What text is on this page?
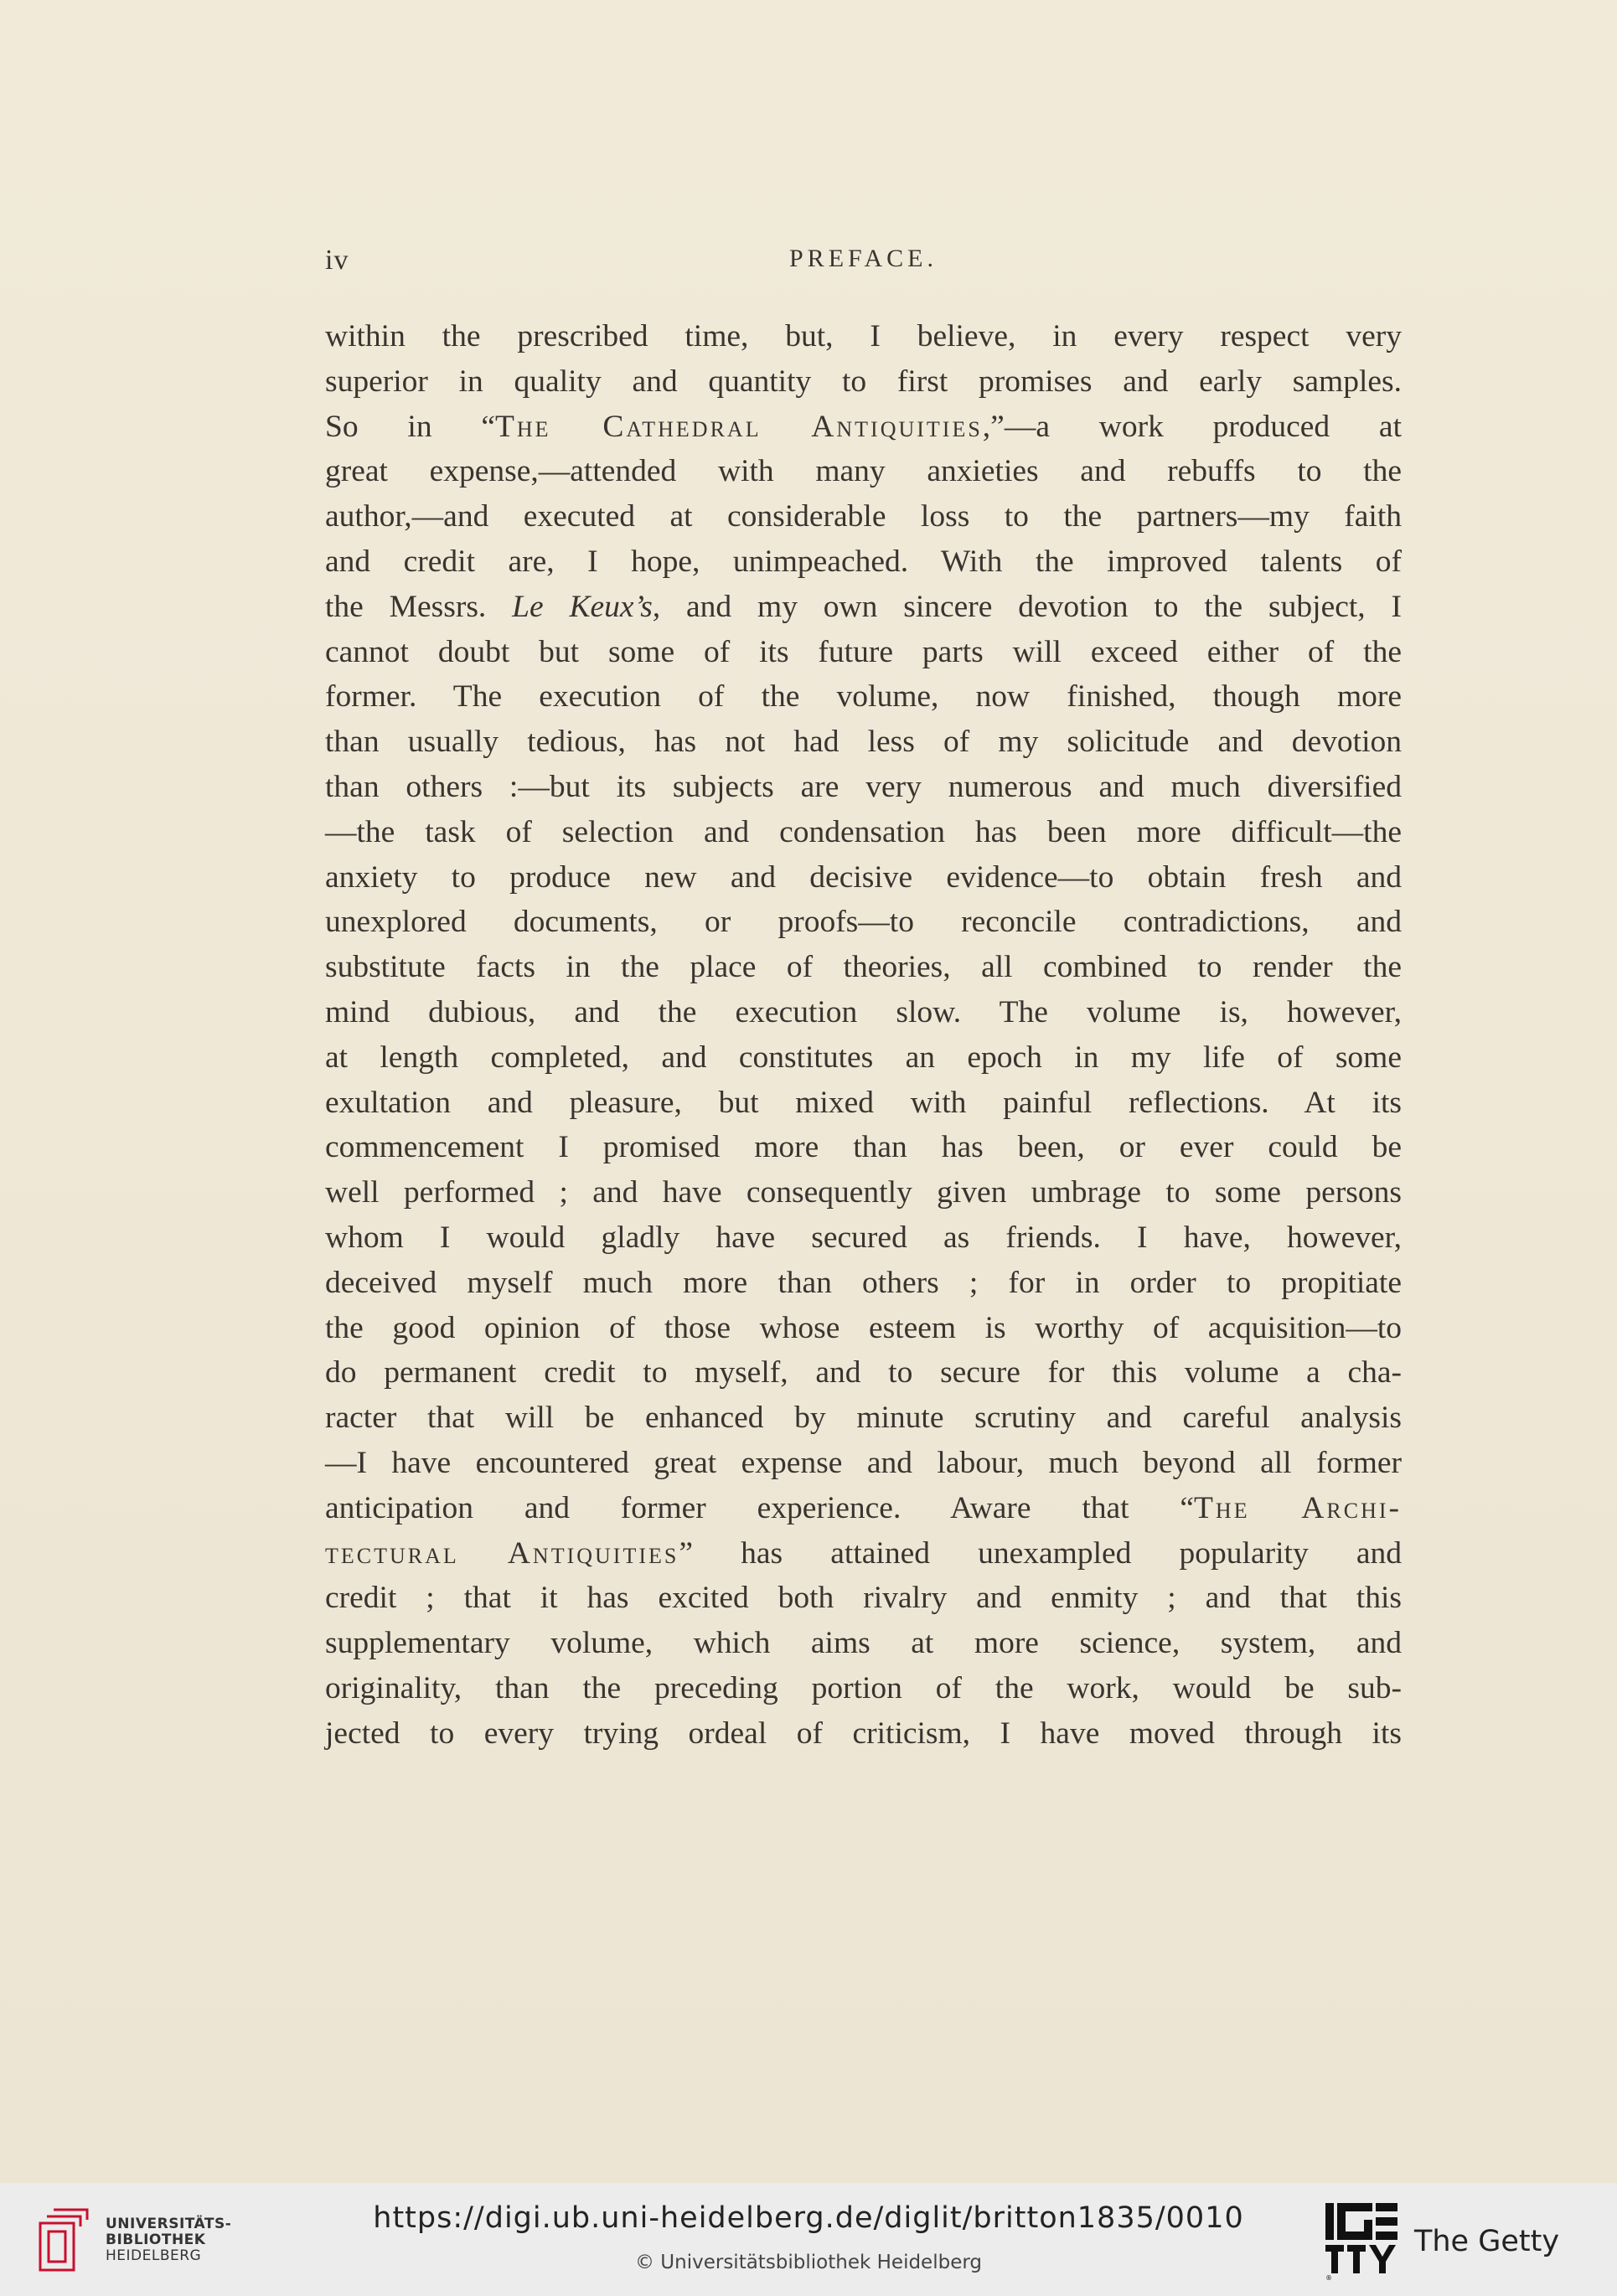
iv	PREFACE.
within the prescribed time, but, I believe, in every respect very
superior in quality and quantity to first promises and early samples.
So in “The Cathedral Antiquities,”—a work produced at
great expense,—attended with many anxieties and rebuffs to the
author,—and executed at considerable loss to the partners—my faith
and credit are, I hope, unimpeached. With the improved talents of
the Messrs. Le Keux’s, and my own sincere devotion to the subject, I
cannot doubt but some of its future parts will exceed either of the
former. The execution of the volume, now finished, though more
than usually tedious, has not had less of my solicitude and devotion
than others :—but its subjects are very numerous and much diversified
—the task of selection and condensation has been more difficult—the
anxiety to produce new and decisive evidence—to obtain fresh and
unexplored documents, or proofs—to reconcile contradictions, and
substitute facts in the place of theories, all combined to render the
mind dubious, and the execution slow. The volume is, however,
at length completed, and constitutes an epoch in my life of some
exultation and pleasure, but mixed with painful reflections. At its
commencement I promised more than has been, or ever could be
well performed ; and have consequently given umbrage to some persons
whom I would gladly have secured as friends. I have, however,
deceived myself much more than others ; for in order to propitiate
the good opinion of those whose esteem is worthy of acquisition—to
do permanent credit to myself, and to secure for this volume a cha-
racter that will be enhanced by minute scrutiny and careful analysis
—I have encountered great expense and labour, much beyond all former
anticipation and former experience. Aware that “The Archi-
tectural Antiquities” has attained unexampled popularity and
credit ; that it has excited both rivalry and enmity ; and that this
supplementary volume, which aims at more science, system, and
originality, than the preceding portion of the work, would be sub-
jected to every trying ordeal of criticism, I have moved through its
UNIVERSITÄTS-
BIBLIOTHEK
HEIDELBERG
https://digi.ub.uni-heidelberg.de/diglit/britton1835/0010
© Universitätsbibliothek Heidelberg
®
The Getty
